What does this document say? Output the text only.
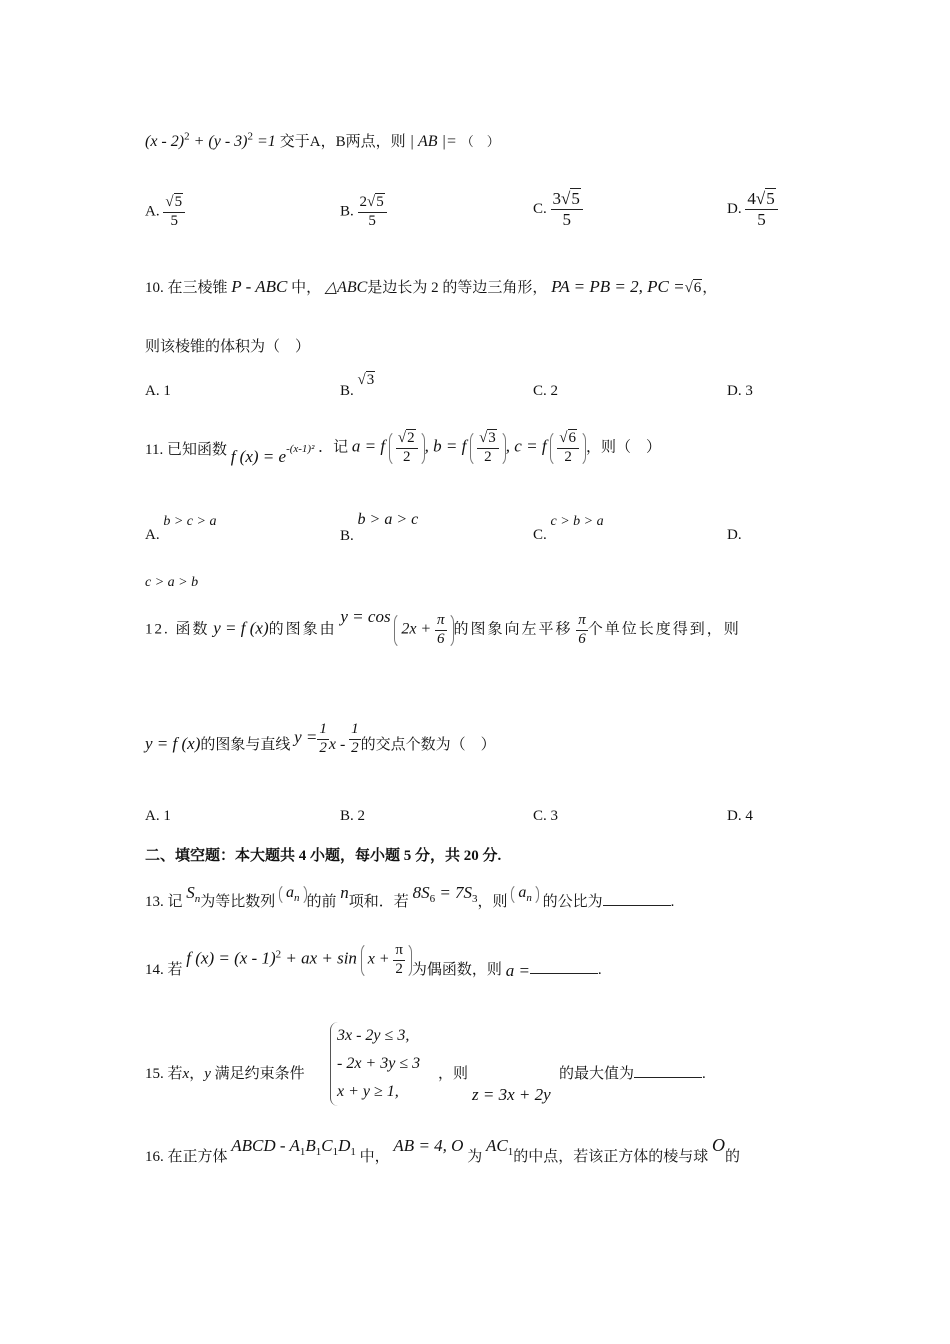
(x - 2)$^2$ + (y - 3)$^2$ =1 交于A，B两点，则 | AB |= （　）
A. $\frac{√5}{5}$	B. $\frac{2√5}{5}$	C. $\frac{3√5}{5}$	D. $\frac{4√5}{5}$
10. 在三棱锥 P - ABC 中， △ABC是边长为 2 的等边三角形， PA = PB = 2, PC =√6，
则该棱锥的体积为（　）
A. 1	B. √3
C. 2	D. 3
11. 已知函数 f $(x) = e^{-(x-1)^2}$ ．记 a = f $\frac{√2}{2}$ , b = f $\frac{√3}{2}$ , c = f $\frac{√6}{2}$ ，则（　）
A. b > c > a
B. b > a > c
C. c > b > a
D.
c > a > b
12. 函数 y = f (x)的图象由 $y = \cos 2x + \frac{\pi}{6}$ 的图象向左平移 $\frac{\pi}{6}$ 个单位长度得到，则
y = f (x)的图象与直线 $y = \frac{1}{2}$ x - $\frac{1}{2}$ 的交点个数为（　）
A. 1	B. 2	C. 3	D. 4
二、填空题：本大题共 4 小题，每小题 5 分，共 20 分.
13. 记 $S_n$为等比数列 $a_n$ 的前 n项和．若 $8S_6 = 7S_3$，则 $a_n$ 的公比为	.
14. 若 f (x) = (x - 1)$^2$ + ax + $\sin x + \frac{\pi}{2}$ 为偶函数，则 a =	.
15. 若x，y 满足约束条件
3x - 2y ≤ 3,
- 2x + 3y ≤ 3
x + y ≥ 1,
，则
z = 3x + 2y
的最大值为	.
16. 在正方体 ABCD - $A_1B_1C_1D_1$ 中， AB = 4, O 为 $AC_1$的中点，若该正方体的棱与球 O的
